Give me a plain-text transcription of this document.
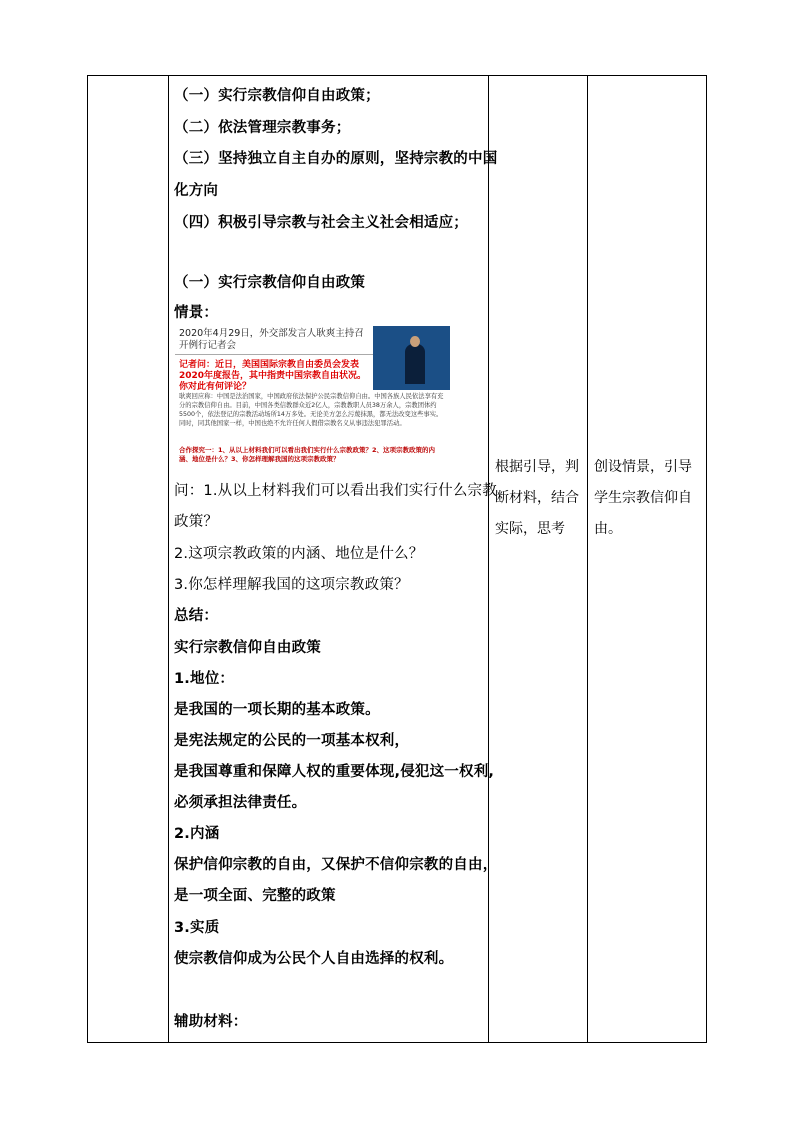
（一）实行宗教信仰自由政策；
（二）依法管理宗教事务；
（三）坚持独立自主自办的原则，坚持宗教的中国
化方向
（四）积极引导宗教与社会主义社会相适应；
（一）实行宗教信仰自由政策
情景：
2020年4月29日，外交部发言人耿爽主持召开例行记者会
记者问：近日，美国国际宗教自由委员会发表2020年度报告，其中指责中国宗教自由状况。你对此有何评论？
耿爽回应称：中国是法治国家，中国政府依法保护公民宗教信仰自由。中国各族人民依法享有充分的宗教信仰自由。目前，中国各类信教群众近2亿人，宗教教职人员38万余人，宗教团体约5500个，依法登记的宗教活动场所14万多处。无论美方怎么污蔑抹黑，都无法改变这些事实。同时，同其他国家一样，中国也绝不允许任何人假借宗教名义从事违法犯罪活动。
合作探究一：1、从以上材料我们可以看出我们实行什么宗教政策？2、这项宗教政策的内涵、地位是什么？3、你怎样理解我国的这项宗教政策？
问：1.从以上材料我们可以看出我们实行什么宗教
政策？
2.这项宗教政策的内涵、地位是什么？
3.你怎样理解我国的这项宗教政策？
总结：
实行宗教信仰自由政策
1.地位：
是我国的一项长期的基本政策。
是宪法规定的公民的一项基本权利，
是我国尊重和保障人权的重要体现,侵犯这一权利,
必须承担法律责任。
2.内涵
保护信仰宗教的自由，又保护不信仰宗教的自由，
是一项全面、完整的政策
3.实质
使宗教信仰成为公民个人自由选择的权利。
辅助材料：
根据引导，判
断材料，结合
实际，思考
创设情景，引导
学生宗教信仰自
由。
